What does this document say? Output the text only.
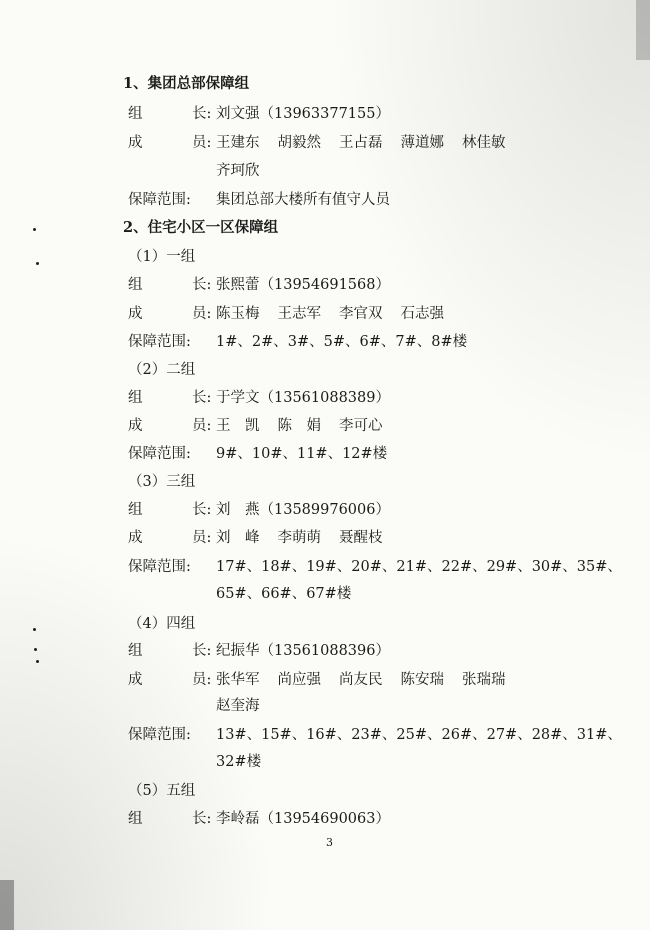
1、集团总部保障组
组	长: 刘文强（13963377155）
成	员: 王建东 胡毅然 王占磊 薄道娜 林佳敏
齐珂欣
保障范围: 集团总部大楼所有值守人员
2、住宅小区一区保障组
（1）一组
组	长: 张熙蕾（13954691568）
成	员: 陈玉梅 王志军 李官双 石志强
保障范围: 1#、2#、3#、5#、6#、7#、8#楼
（2）二组
组	长: 于学文（13561088389）
成	员: 王　凯 陈　娟 李可心
保障范围: 9#、10#、11#、12#楼
（3）三组
组	长: 刘　燕（13589976006）
成	员: 刘　峰 李萌萌 聂醒枝
保障范围: 17#、18#、19#、20#、21#、22#、29#、30#、35#、
65#、66#、67#楼
（4）四组
组	长: 纪振华（13561088396）
成	员: 张华军 尚应强 尚友民 陈安瑞 张瑞瑞
赵奎海
保障范围: 13#、15#、16#、23#、25#、26#、27#、28#、31#、
32#楼
（5）五组
组	长: 李岭磊（13954690063）
3
